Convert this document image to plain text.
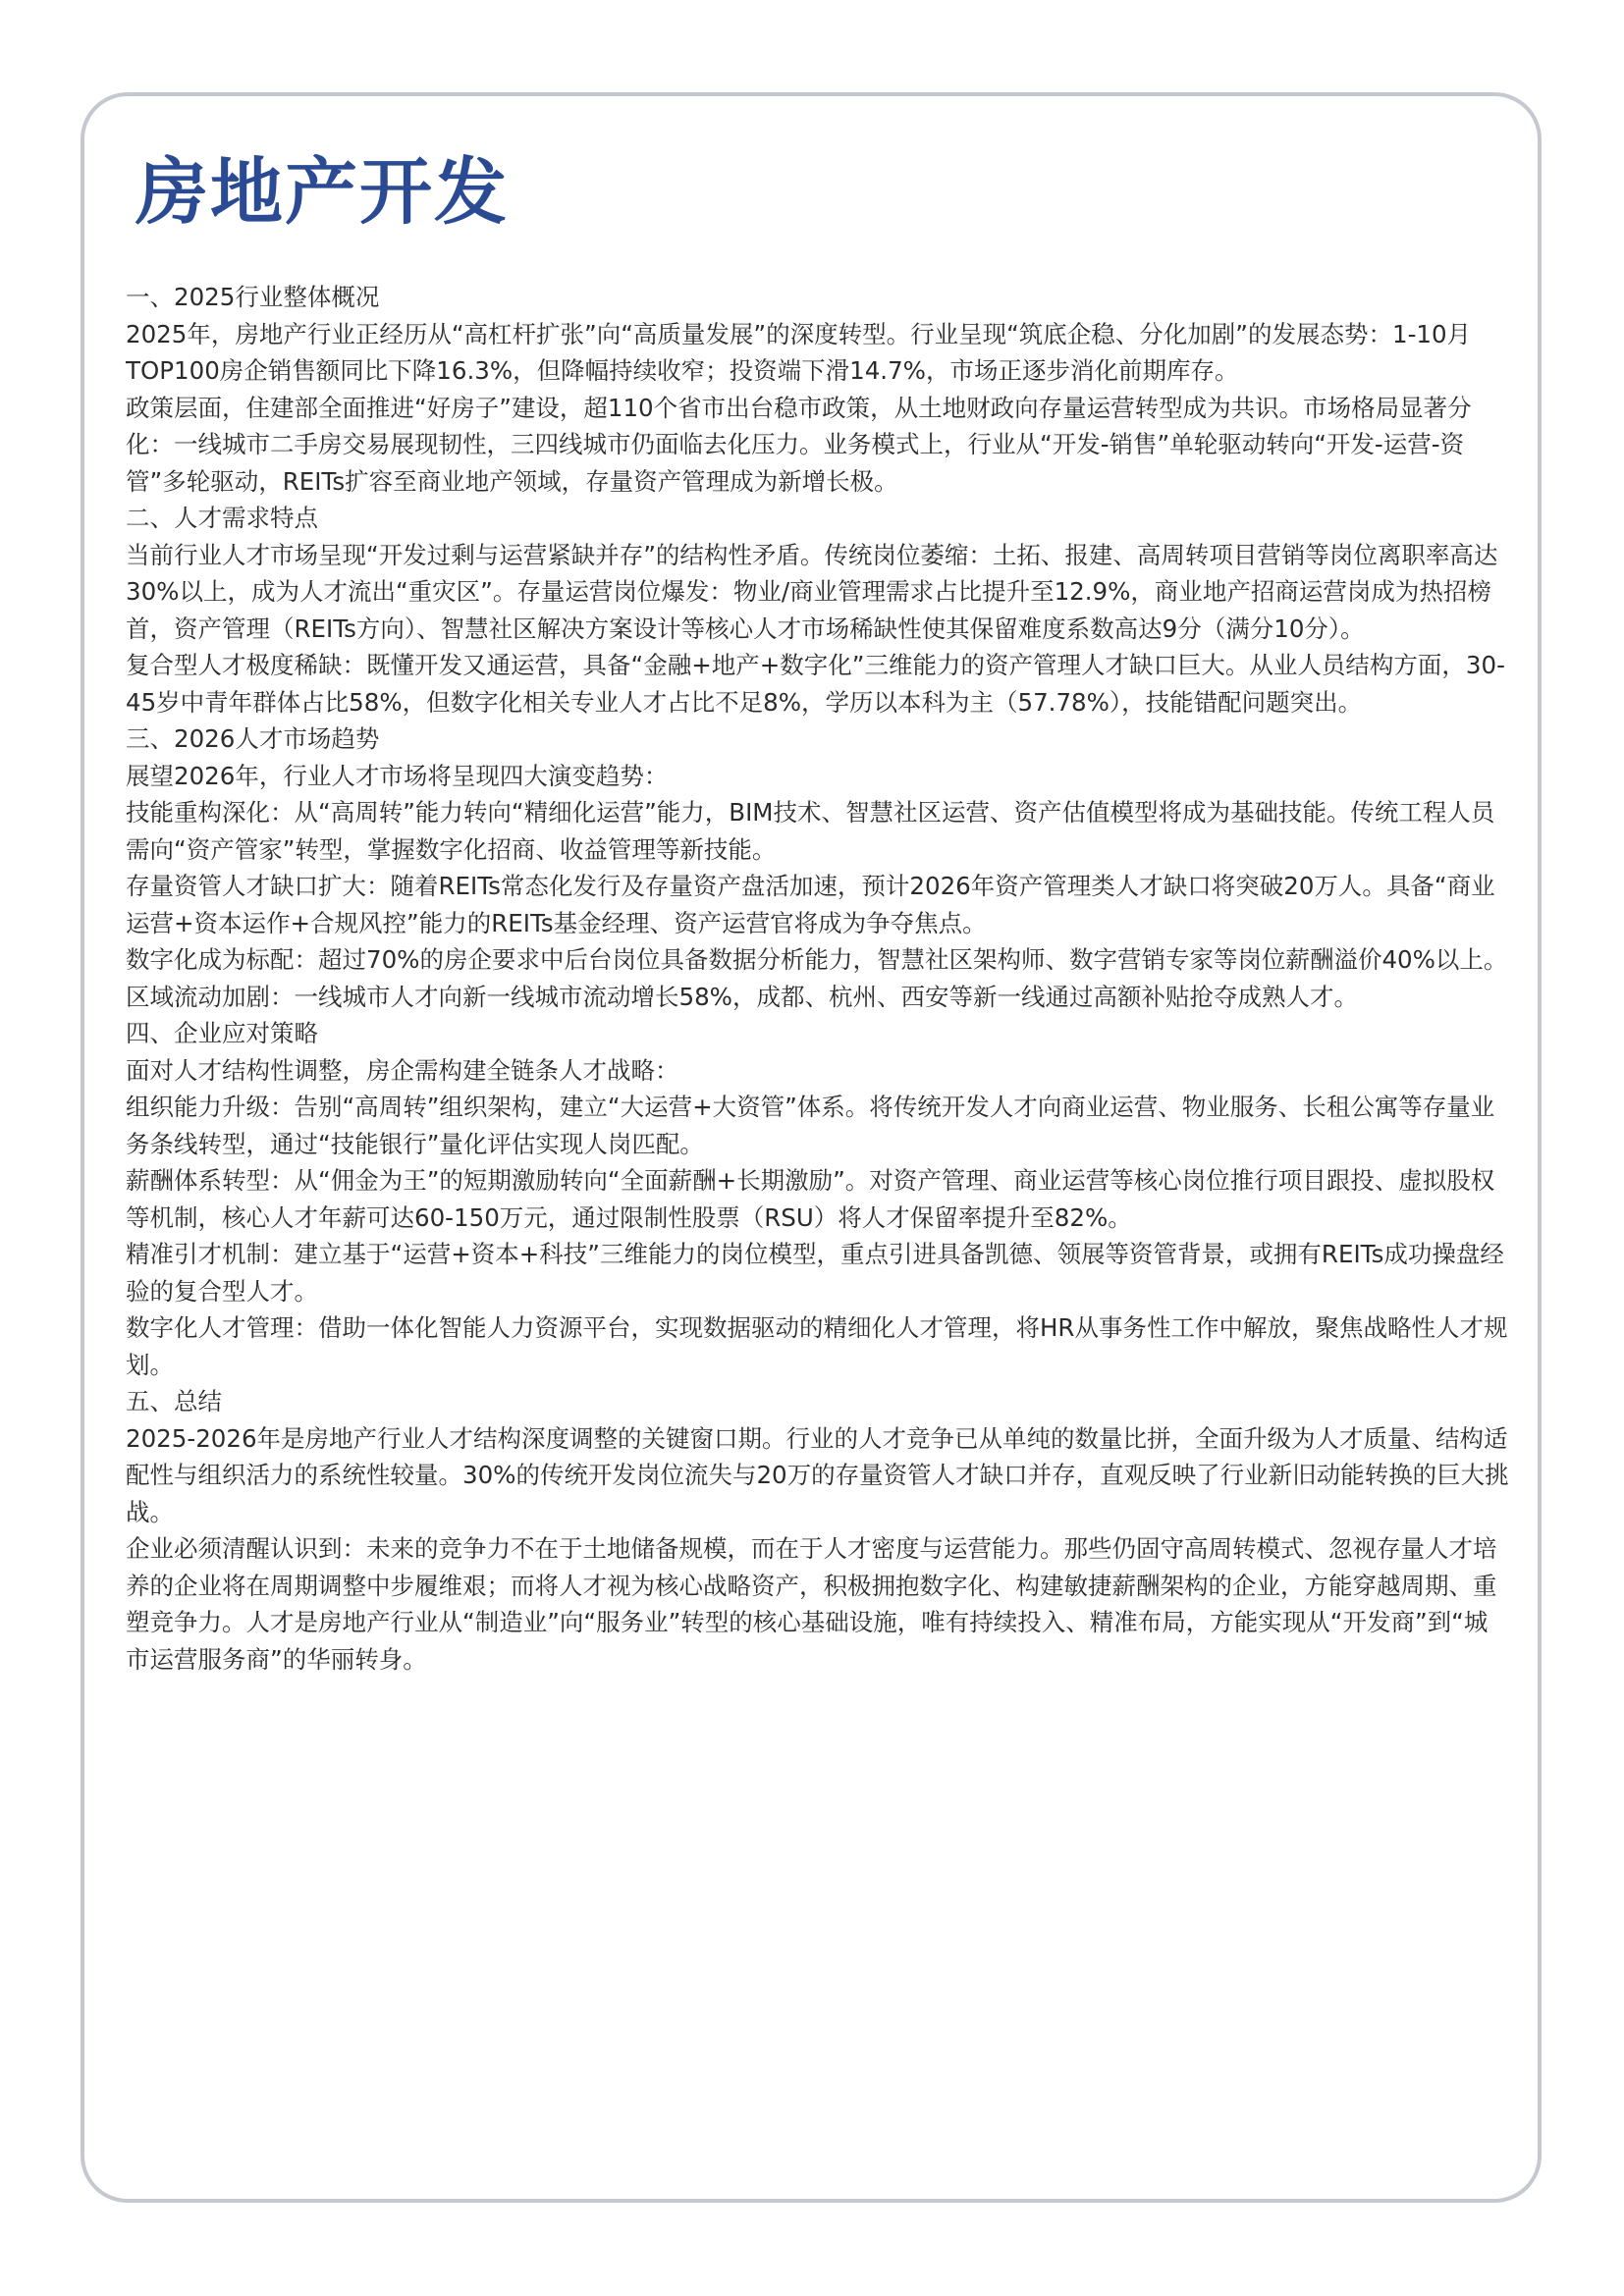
房地产开发

一、2025行业整体概况

2025年，房地产行业正经历从“高杠杆扩张”向“高质量发展”的深度转型。行业呈现“筑底企稳、分化加剧”的发展态势：1-10月TOP100房企销售额同比下降16.3%，但降幅持续收窄；投资端下滑14.7%，市场正逐步消化前期库存。

政策层面，住建部全面推进“好房子”建设，超110个省市出台稳市政策，从土地财政向存量运营转型成为共识。市场格局显著分化：一线城市二手房交易展现韧性，三四线城市仍面临去化压力。业务模式上，行业从“开发-销售”单轮驱动转向“开发-运营-资管”多轮驱动，REITs扩容至商业地产领域，存量资产管理成为新增长极。

二、人才需求特点

当前行业人才市场呈现“开发过剩与运营紧缺并存”的结构性矛盾。传统岗位萎缩：土拓、报建、高周转项目营销等岗位离职率高达30%以上，成为人才流出“重灾区”。存量运营岗位爆发：物业/商业管理需求占比提升至12.9%，商业地产招商运营岗成为热招榜首，资产管理（REITs方向）、智慧社区解决方案设计等核心人才市场稀缺性使其保留难度系数高达9分（满分10分）。

复合型人才极度稀缺：既懂开发又通运营，具备“金融+地产+数字化”三维能力的资产管理人才缺口巨大。从业人员结构方面，30-45岁中青年群体占比58%，但数字化相关专业人才占比不足8%，学历以本科为主（57.78%），技能错配问题突出。

三、2026人才市场趋势

展望2026年，行业人才市场将呈现四大演变趋势：

技能重构深化：从“高周转”能力转向“精细化运营”能力，BIM技术、智慧社区运营、资产估值模型将成为基础技能。传统工程人员需向“资产管家”转型，掌握数字化招商、收益管理等新技能。

存量资管人才缺口扩大：随着REITs常态化发行及存量资产盘活加速，预计2026年资产管理类人才缺口将突破20万人。具备“商业运营+资本运作+合规风控”能力的REITs基金经理、资产运营官将成为争夺焦点。

数字化成为标配：超过70%的房企要求中后台岗位具备数据分析能力，智慧社区架构师、数字营销专家等岗位薪酬溢价40%以上。

区域流动加剧：一线城市人才向新一线城市流动增长58%，成都、杭州、西安等新一线通过高额补贴抢夺成熟人才。

四、企业应对策略

面对人才结构性调整，房企需构建全链条人才战略：

组织能力升级：告别“高周转”组织架构，建立“大运营+大资管”体系。将传统开发人才向商业运营、物业服务、长租公寓等存量业务条线转型，通过“技能银行”量化评估实现人岗匹配。

薪酬体系转型：从“佣金为王”的短期激励转向“全面薪酬+长期激励”。对资产管理、商业运营等核心岗位推行项目跟投、虚拟股权等机制，核心人才年薪可达60-150万元，通过限制性股票（RSU）将人才保留率提升至82%。

精准引才机制：建立基于“运营+资本+科技”三维能力的岗位模型，重点引进具备凯德、领展等资管背景，或拥有REITs成功操盘经验的复合型人才。

数字化人才管理：借助一体化智能人力资源平台，实现数据驱动的精细化人才管理，将HR从事务性工作中解放，聚焦战略性人才规划。

五、总结

2025-2026年是房地产行业人才结构深度调整的关键窗口期。行业的人才竞争已从单纯的数量比拼，全面升级为人才质量、结构适配性与组织活力的系统性较量。30%的传统开发岗位流失与20万的存量资管人才缺口并存，直观反映了行业新旧动能转换的巨大挑战。

企业必须清醒认识到：未来的竞争力不在于土地储备规模，而在于人才密度与运营能力。那些仍固守高周转模式、忽视存量人才培养的企业将在周期调整中步履维艰；而将人才视为核心战略资产，积极拥抱数字化、构建敏捷薪酬架构的企业，方能穿越周期、重塑竞争力。人才是房地产行业从“制造业”向“服务业”转型的核心基础设施，唯有持续投入、精准布局，方能实现从“开发商”到“城市运营服务商”的华丽转身。
